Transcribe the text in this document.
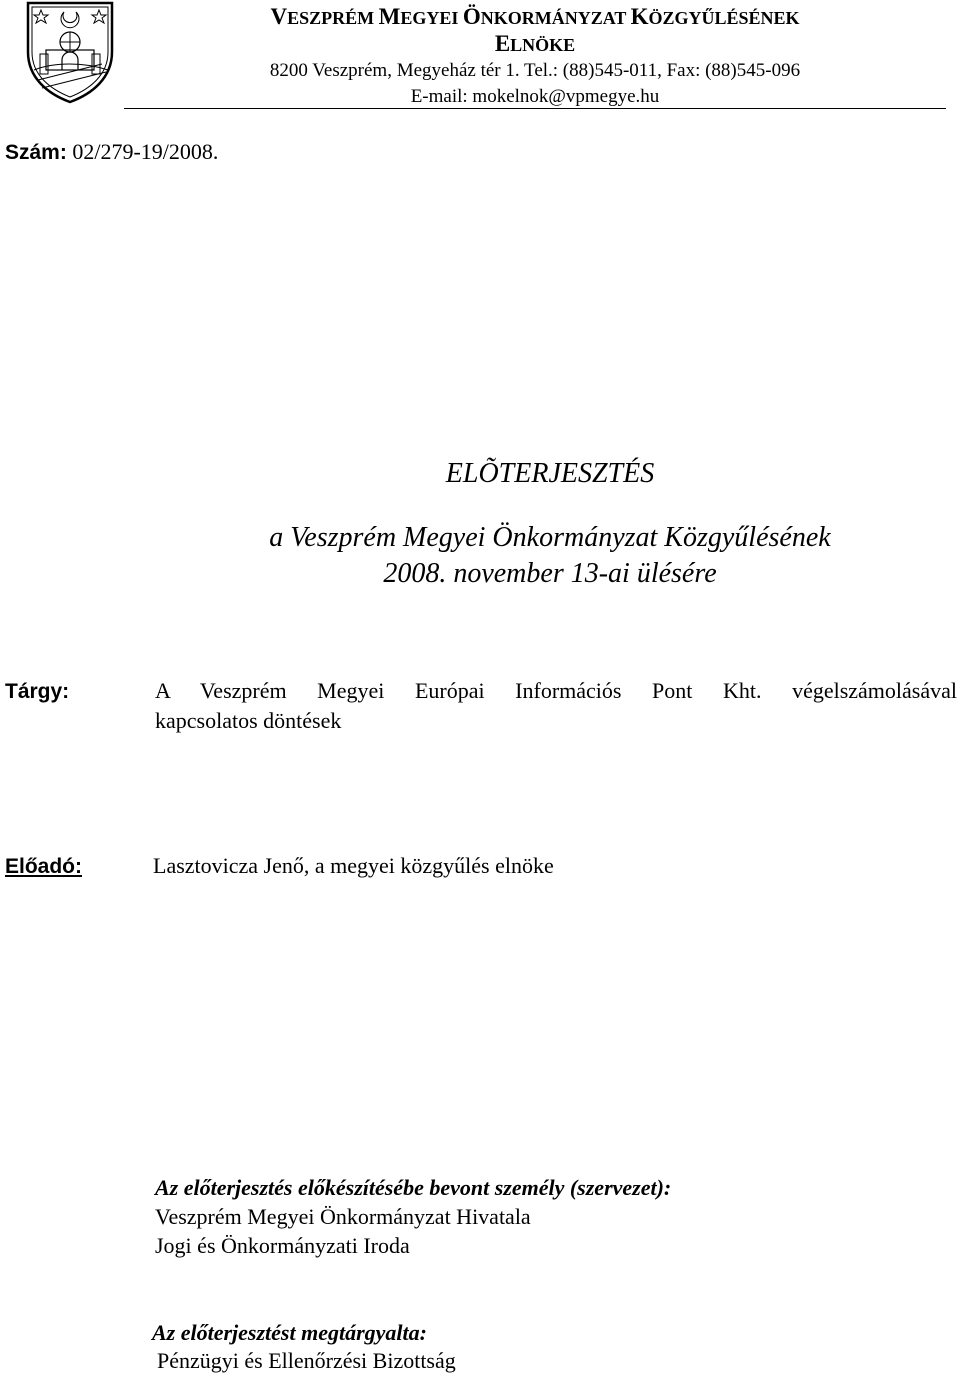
VESZPRÉM MEGYEI ÖNKORMÁNYZAT KÖZGYŰLÉSÉNEK
ELNÖKE
8200 Veszprém, Megyeház tér 1. Tel.: (88)545-011, Fax: (88)545-096
E-mail: mokelnok@vpmegye.hu
Szám: 02/279-19/2008.
ELÕTERJESZTÉS
a Veszprém Megyei Önkormányzat Közgyűlésének
2008. november 13-ai ülésére
Tárgy:	A Veszprém Megyei Európai Információs Pont Kht. végelszámolásával
kapcsolatos döntések
Előadó:	Lasztovicza Jenő, a megyei közgyűlés elnöke
Az előterjesztés előkészítésébe bevont személy (szervezet):
Veszprém Megyei Önkormányzat Hivatala
Jogi és Önkormányzati Iroda
Az előterjesztést megtárgyalta:
Pénzügyi és Ellenőrzési Bizottság
